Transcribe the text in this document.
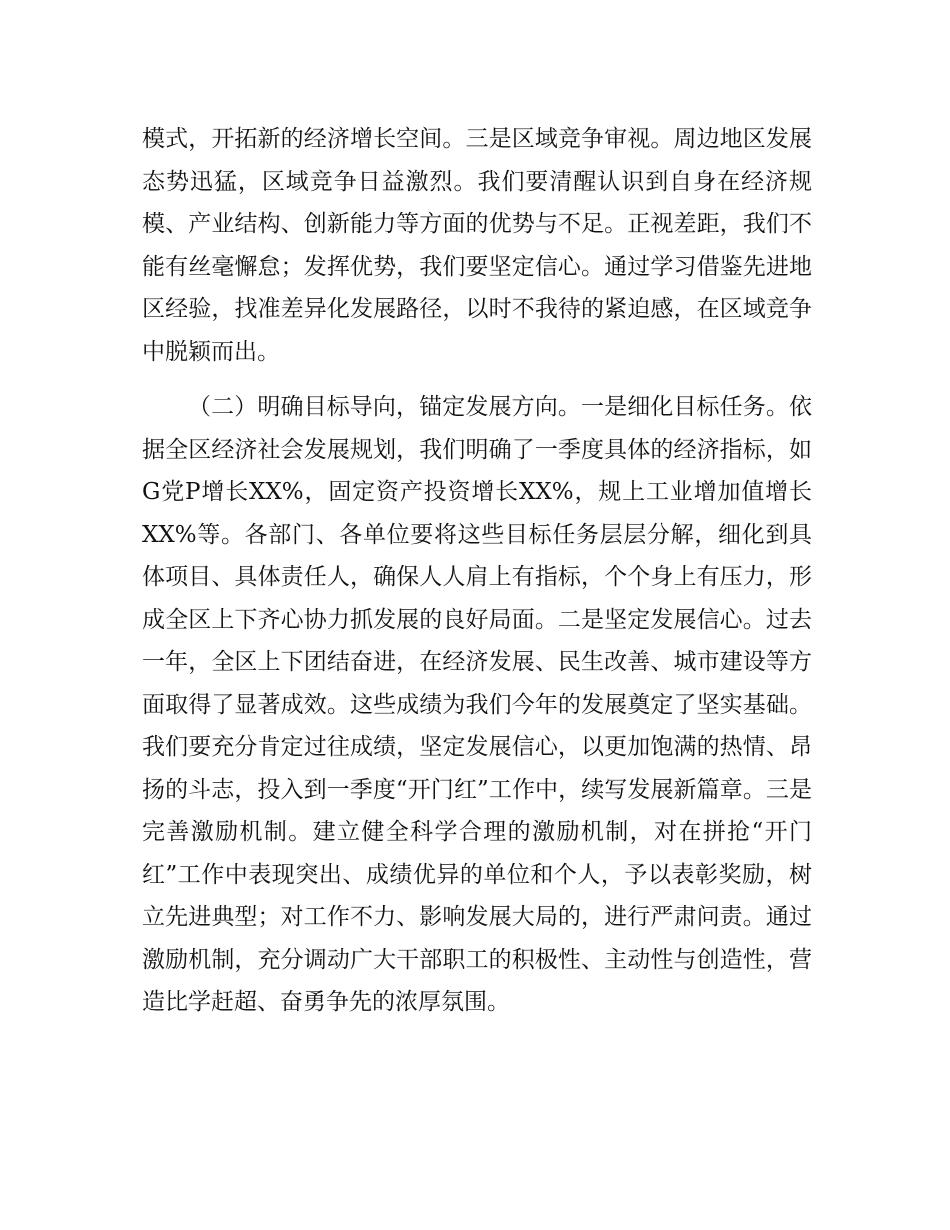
模式，开拓新的经济增长空间。三是区域竞争审视。周边地区发展态势迅猛，区域竞争日益激烈。我们要清醒认识到自身在经济规模、产业结构、创新能力等方面的优势与不足。正视差距，我们不能有丝毫懈怠；发挥优势，我们要坚定信心。通过学习借鉴先进地区经验，找准差异化发展路径，以时不我待的紧迫感，在区域竞争中脱颖而出。

（二）明确目标导向，锚定发展方向。一是细化目标任务。依据全区经济社会发展规划，我们明确了一季度具体的经济指标，如G党P增长XX%，固定资产投资增长XX%，规上工业增加值增长XX%等。各部门、各单位要将这些目标任务层层分解，细化到具体项目、具体责任人，确保人人肩上有指标，个个身上有压力，形成全区上下齐心协力抓发展的良好局面。二是坚定发展信心。过去一年，全区上下团结奋进，在经济发展、民生改善、城市建设等方面取得了显著成效。这些成绩为我们今年的发展奠定了坚实基础。我们要充分肯定过往成绩，坚定发展信心，以更加饱满的热情、昂扬的斗志，投入到一季度“开门红”工作中，续写发展新篇章。三是完善激励机制。建立健全科学合理的激励机制，对在拼抢“开门红”工作中表现突出、成绩优异的单位和个人，予以表彰奖励，树立先进典型；对工作不力、影响发展大局的，进行严肃问责。通过激励机制，充分调动广大干部职工的积极性、主动性与创造性，营造比学赶超、奋勇争先的浓厚氛围。
